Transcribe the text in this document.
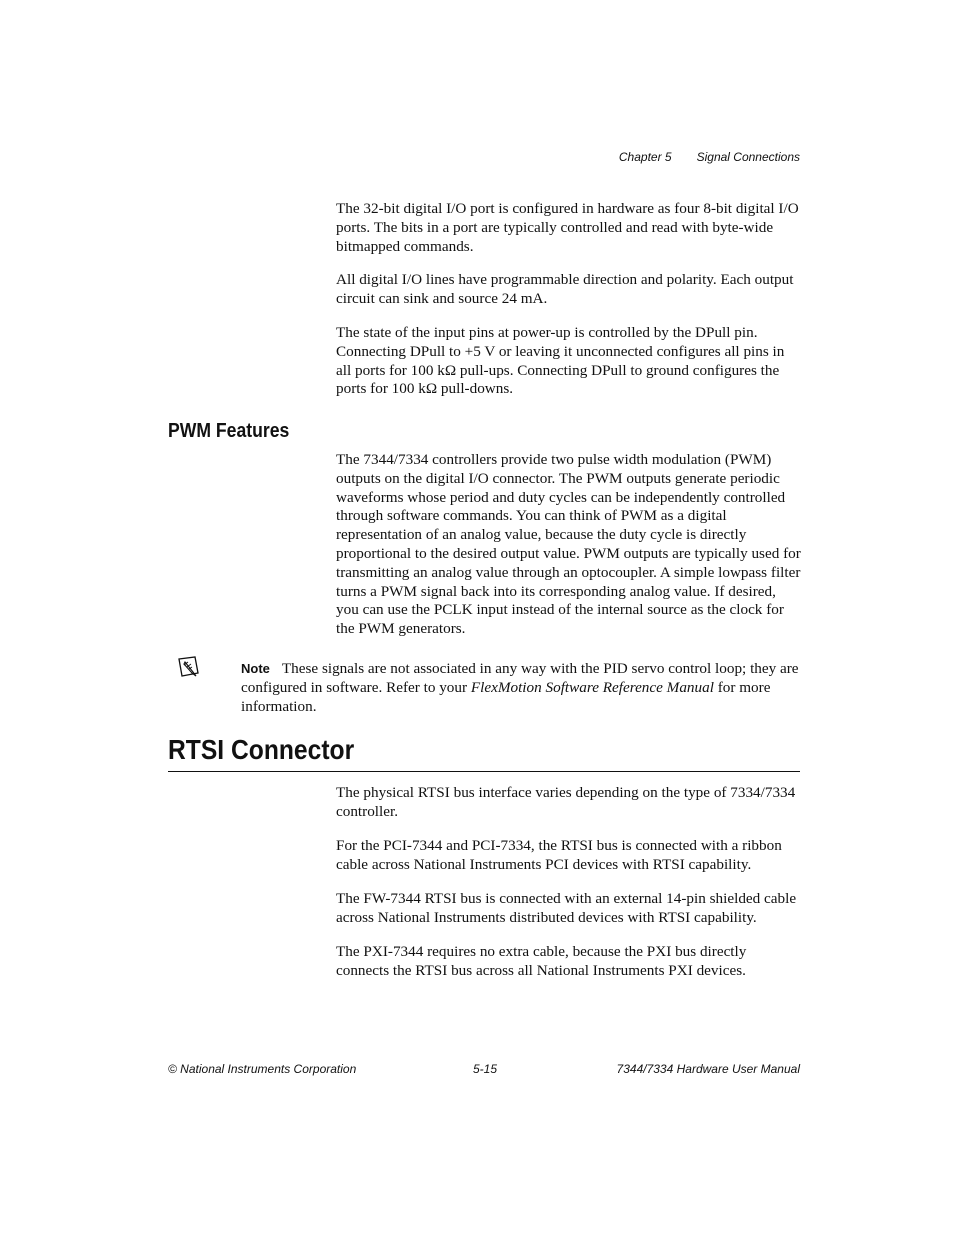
Chapter 5 Signal Connections

The 32-bit digital I/O port is configured in hardware as four 8-bit digital I/O ports. The bits in a port are typically controlled and read with byte-wide bitmapped commands.

All digital I/O lines have programmable direction and polarity. Each output circuit can sink and source 24 mA.

The state of the input pins at power-up is controlled by the DPull pin. Connecting DPull to +5 V or leaving it unconnected configures all pins in all ports for 100 kΩ pull-ups. Connecting DPull to ground configures the ports for 100 kΩ pull-downs.

PWM Features

The 7344/7334 controllers provide two pulse width modulation (PWM) outputs on the digital I/O connector. The PWM outputs generate periodic waveforms whose period and duty cycles can be independently controlled through software commands. You can think of PWM as a digital representation of an analog value, because the duty cycle is directly proportional to the desired output value. PWM outputs are typically used for transmitting an analog value through an optocoupler. A simple lowpass filter turns a PWM signal back into its corresponding analog value. If desired, you can use the PCLK input instead of the internal source as the clock for the PWM generators.

Note These signals are not associated in any way with the PID servo control loop; they are configured in software. Refer to your FlexMotion Software Reference Manual for more information.

RTSI Connector

The physical RTSI bus interface varies depending on the type of 7334/7334 controller.

For the PCI-7344 and PCI-7334, the RTSI bus is connected with a ribbon cable across National Instruments PCI devices with RTSI capability.

The FW-7344 RTSI bus is connected with an external 14-pin shielded cable across National Instruments distributed devices with RTSI capability.

The PXI-7344 requires no extra cable, because the PXI bus directly connects the RTSI bus across all National Instruments PXI devices.

© National Instruments Corporation	5-15	7344/7334 Hardware User Manual
